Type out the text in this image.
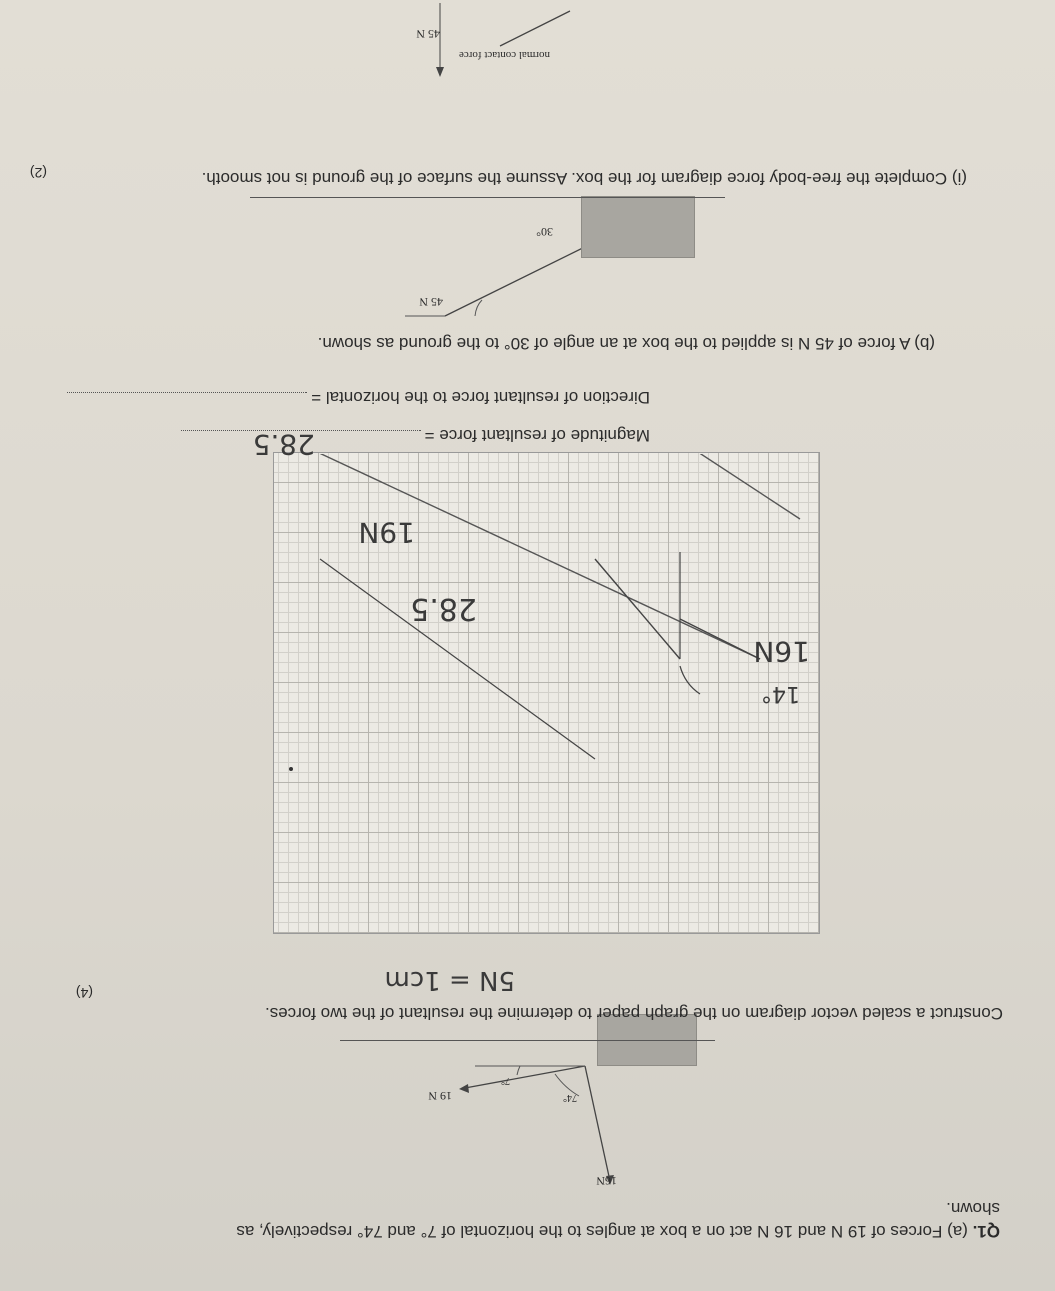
Q1. (a) Forces of 19 N and 16 N act on a box at angles to the horizontal of 7° and 74° respectively, as
shown.
16N
19 N	74°
7°
Construct a scaled vector diagram on the graph paper to determine the resultant of the two forces.
(4)	5N = 1cm
28.5
16N
14°
19N
Magnitude of resultant force =
28.5
Direction of resultant force to the horizontal =
(b) A force of 45 N is applied to the box at an angle of 30° to the ground as shown.
45 N
30°
(i) Complete the free-body force diagram for the box. Assume the surface of the ground is not smooth.
(2)
45 N
normal contact force
